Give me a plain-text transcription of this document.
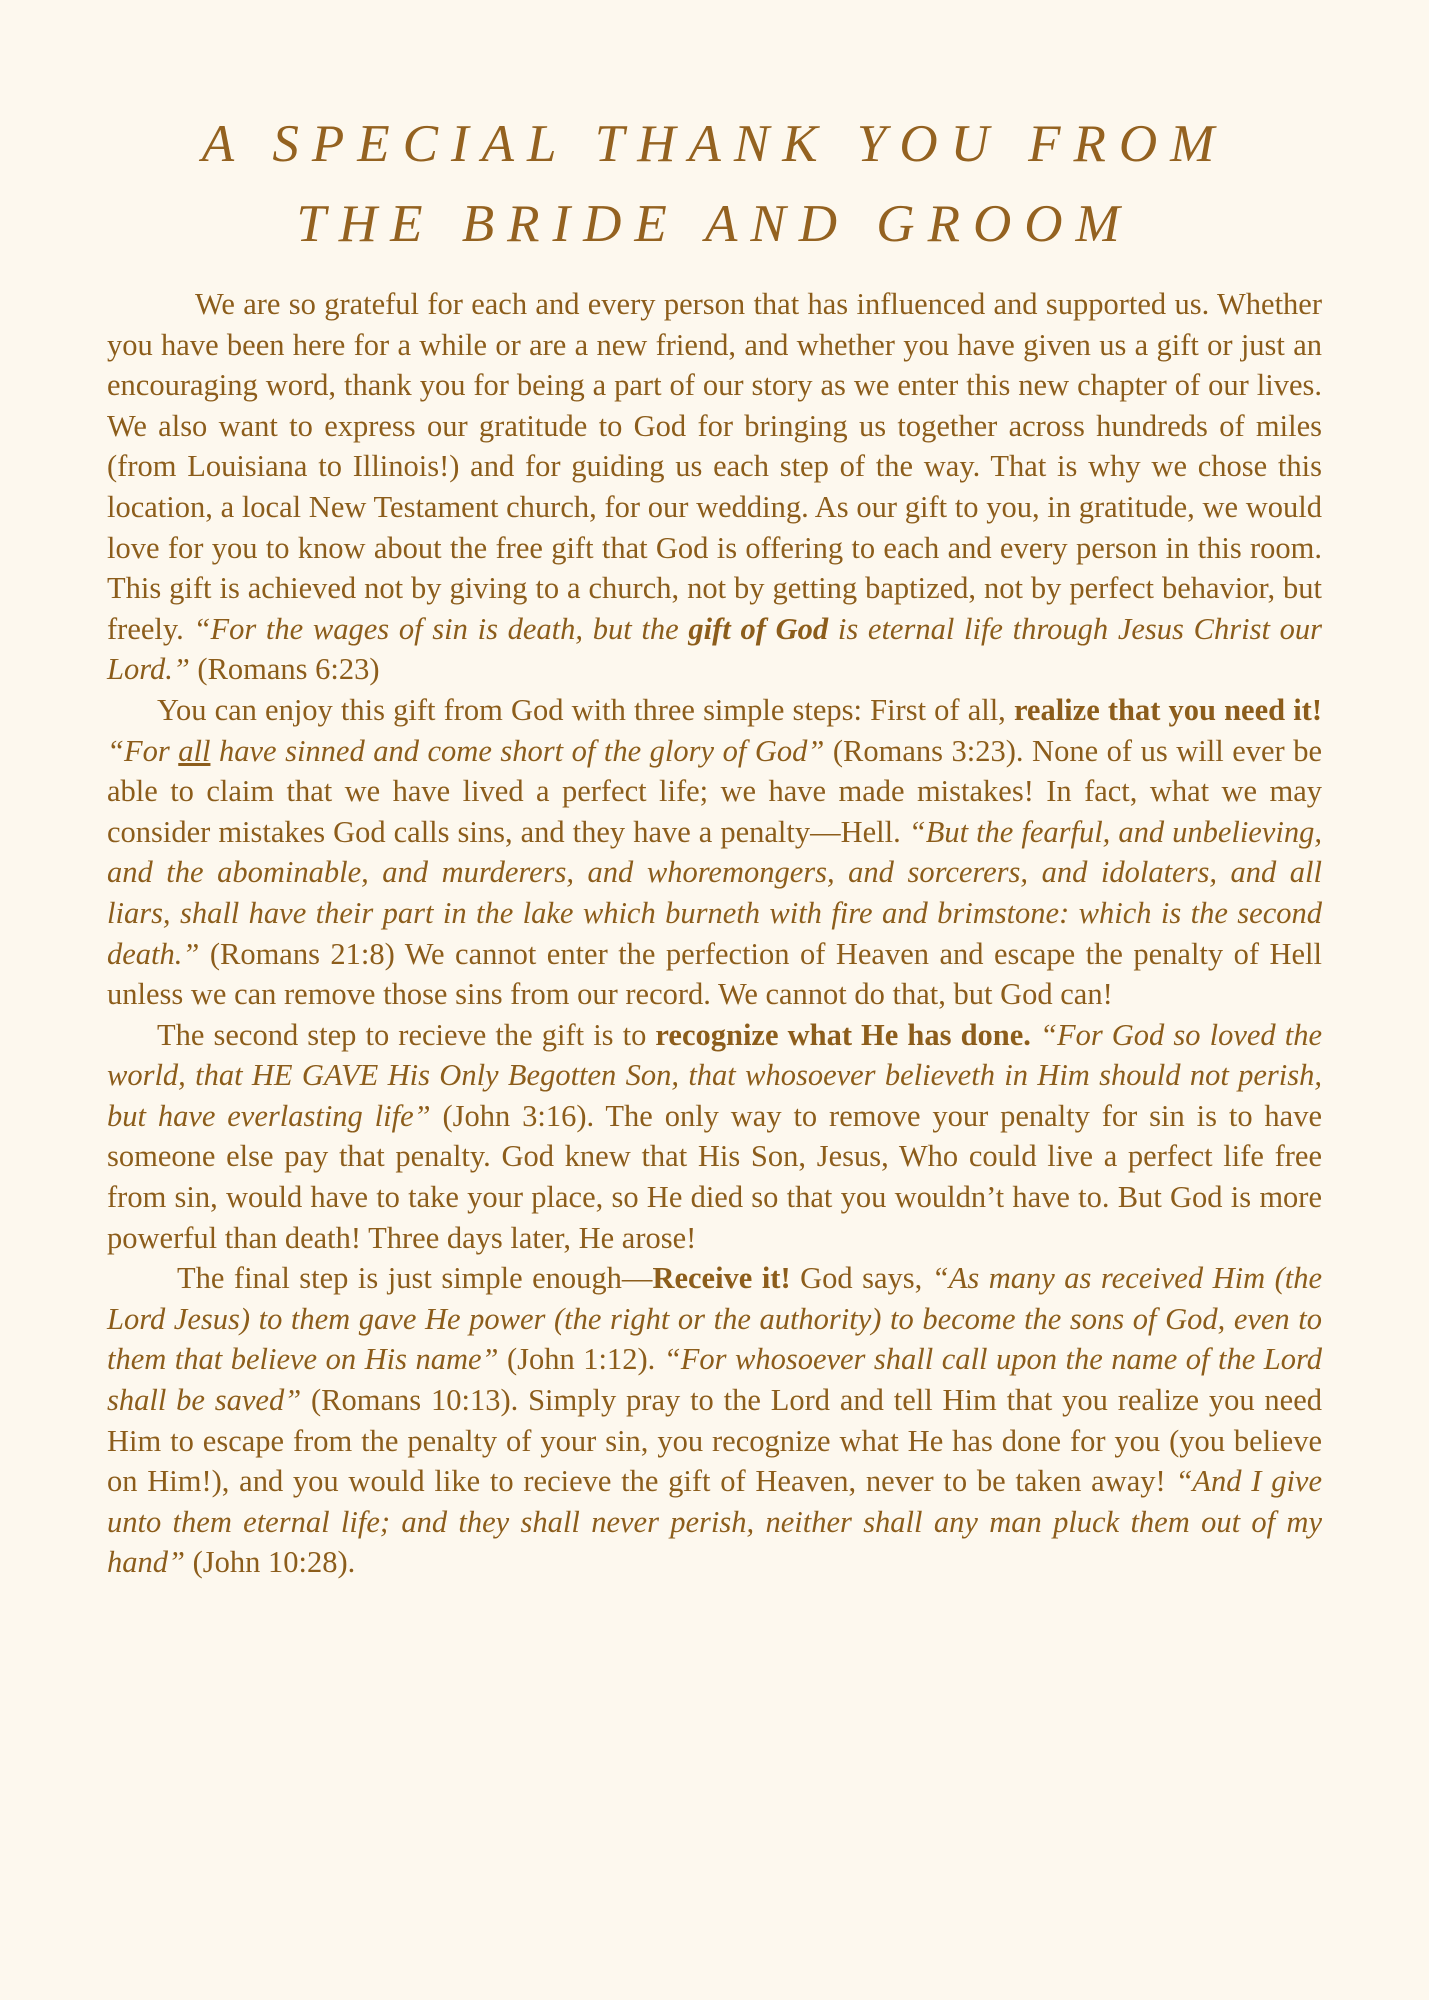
A SPECIAL THANK YOU FROM
THE BRIDE AND GROOM

We are so grateful for each and every person that has influenced and supported us. Whether you have been here for a while or are a new friend, and whether you have given us a gift or just an encouraging word, thank you for being a part of our story as we enter this new chapter of our lives. We also want to express our gratitude to God for bringing us together across hundreds of miles (from Louisiana to Illinois!) and for guiding us each step of the way. That is why we chose this location, a local New Testament church, for our wedding. As our gift to you, in gratitude, we would love for you to know about the free gift that God is offering to each and every person in this room. This gift is achieved not by giving to a church, not by getting baptized, not by perfect behavior, but freely. “For the wages of sin is death, but the gift of God is eternal life through Jesus Christ our Lord.” (Romans 6:23)

You can enjoy this gift from God with three simple steps: First of all, realize that you need it! “For all have sinned and come short of the glory of God” (Romans 3:23). None of us will ever be able to claim that we have lived a perfect life; we have made mistakes! In fact, what we may consider mistakes God calls sins, and they have a penalty—Hell. “But the fearful, and unbelieving, and the abominable, and murderers, and whoremongers, and sorcerers, and idolaters, and all liars, shall have their part in the lake which burneth with fire and brimstone: which is the second death.” (Romans 21:8) We cannot enter the perfection of Heaven and escape the penalty of Hell unless we can remove those sins from our record. We cannot do that, but God can!

The second step to recieve the gift is to recognize what He has done. “For God so loved the world, that HE GAVE His Only Begotten Son, that whosoever believeth in Him should not perish, but have everlasting life” (John 3:16). The only way to remove your penalty for sin is to have someone else pay that penalty. God knew that His Son, Jesus, Who could live a perfect life free from sin, would have to take your place, so He died so that you wouldn’t have to. But God is more powerful than death! Three days later, He arose!

The final step is just simple enough—Receive it! God says, “As many as received Him (the Lord Jesus) to them gave He power (the right or the authority) to become the sons of God, even to them that believe on His name” (John 1:12). “For whosoever shall call upon the name of the Lord shall be saved” (Romans 10:13). Simply pray to the Lord and tell Him that you realize you need Him to escape from the penalty of your sin, you recognize what He has done for you (you believe on Him!), and you would like to recieve the gift of Heaven, never to be taken away! “And I give unto them eternal life; and they shall never perish, neither shall any man pluck them out of my hand” (John 10:28).
